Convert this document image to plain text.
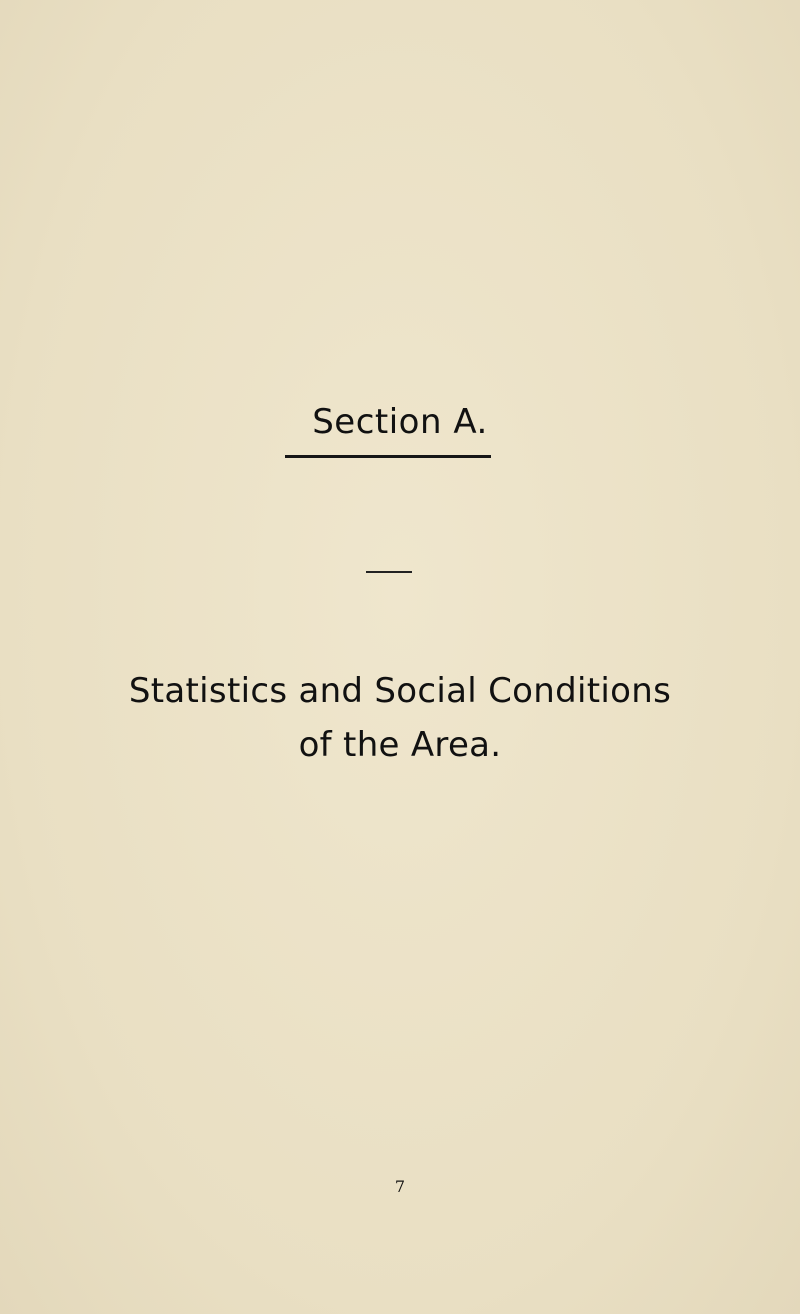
Section A.
Statistics and Social Conditions
of the Area.
7
